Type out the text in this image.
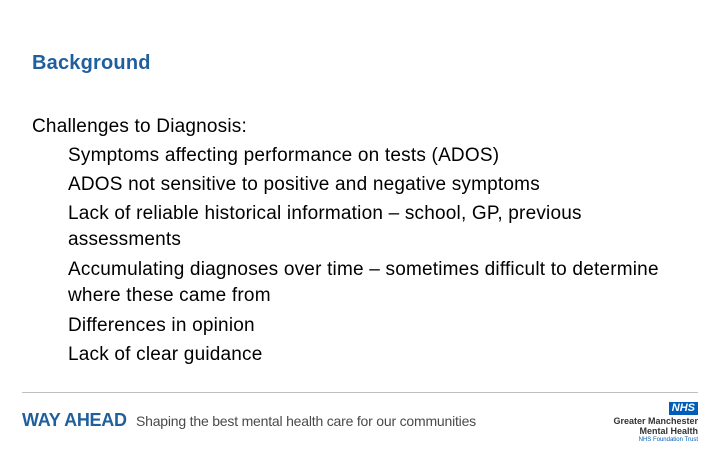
Background
Challenges to Diagnosis:
Symptoms affecting performance on tests (ADOS)
ADOS not sensitive to positive and negative symptoms
Lack of reliable historical information – school, GP, previous assessments
Accumulating diagnoses over time – sometimes difficult to determine where these came from
Differences in opinion
Lack of clear guidance
WAY AHEAD Shaping the best mental health care for our communities
NHS
Greater Manchester
Mental Health
NHS Foundation Trust
